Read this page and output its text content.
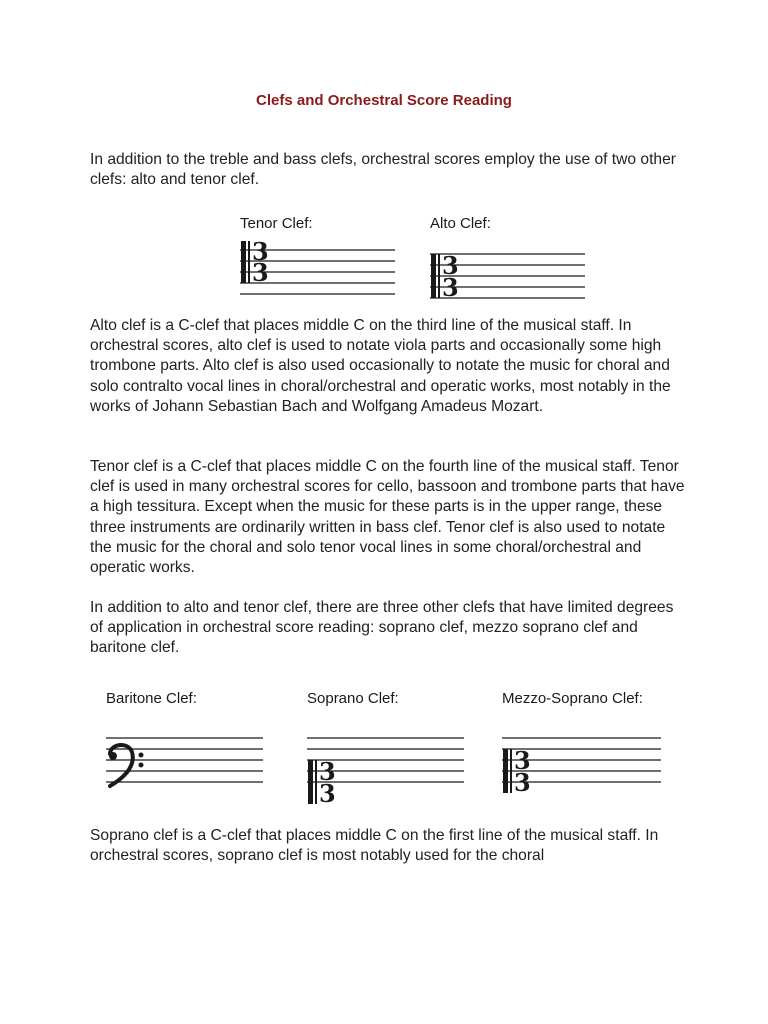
Clefs and Orchestral Score Reading

In addition to the treble and bass clefs, orchestral scores employ the use of two other clefs: alto and tenor clef.

Tenor Clef:
3
3
Alto Clef:
3
3

Alto clef is a C-clef that places middle C on the third line of the musical staff. In orchestral scores, alto clef is used to notate viola parts and occasionally some high trombone parts. Alto clef is also used occasionally to notate the music for choral and solo contralto vocal lines in choral/orchestral and operatic works, most notably in the works of Johann Sebastian Bach and Wolfgang Amadeus Mozart.

Tenor clef is a C-clef that places middle C on the fourth line of the musical staff. Tenor clef is used in many orchestral scores for cello, bassoon and trombone parts that have a high tessitura. Except when the music for these parts is in the upper range, these three instruments are ordinarily written in bass clef. Tenor clef is also used to notate the music for the choral and solo tenor vocal lines in some choral/orchestral and operatic works.

In addition to alto and tenor clef, there are three other clefs that have limited degrees of application in orchestral score reading: soprano clef, mezzo soprano clef and baritone clef.

Baritone Clef:	Soprano Clef:
3
3
Mezzo-Soprano Clef:
3
3

Soprano clef is a C-clef that places middle C on the first line of the musical staff. In orchestral scores, soprano clef is most notably used for the choral
